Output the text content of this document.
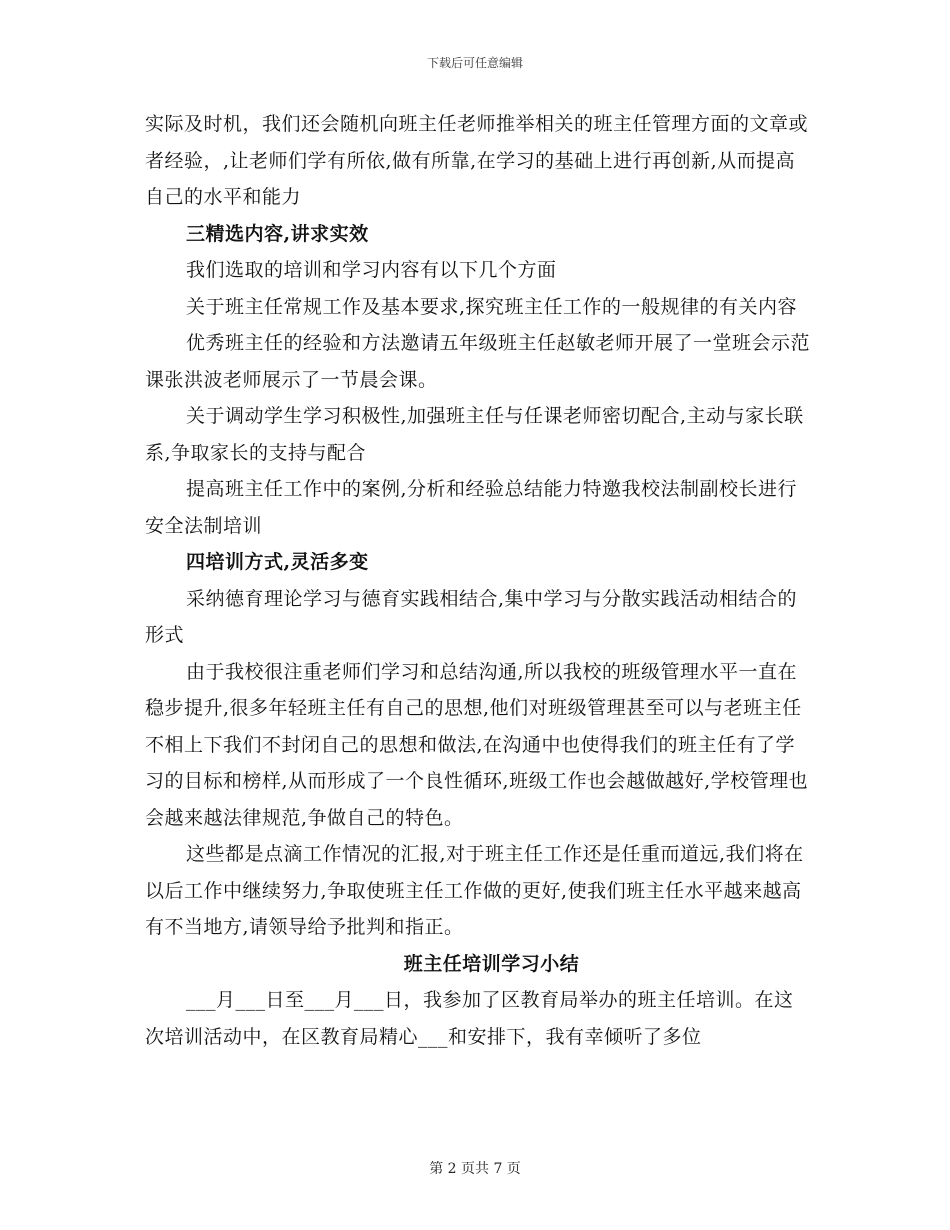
下载后可任意编辑

实际及时机，我们还会随机向班主任老师推举相关的班主任管理方面的文章或者经验，,让老师们学有所依,做有所靠,在学习的基础上进行再创新,从而提高自己的水平和能力

三精选内容,讲求实效

我们选取的培训和学习内容有以下几个方面

关于班主任常规工作及基本要求,探究班主任工作的一般规律的有关内容

优秀班主任的经验和方法邀请五年级班主任赵敏老师开展了一堂班会示范课张洪波老师展示了一节晨会课。

关于调动学生学习积极性,加强班主任与任课老师密切配合,主动与家长联系,争取家长的支持与配合

提高班主任工作中的案例,分析和经验总结能力特邀我校法制副校长进行安全法制培训

四培训方式,灵活多变

采纳德育理论学习与德育实践相结合,集中学习与分散实践活动相结合的形式

由于我校很注重老师们学习和总结沟通,所以我校的班级管理水平一直在稳步提升,很多年轻班主任有自己的思想,他们对班级管理甚至可以与老班主任不相上下我们不封闭自己的思想和做法,在沟通中也使得我们的班主任有了学习的目标和榜样,从而形成了一个良性循环,班级工作也会越做越好,学校管理也会越来越法律规范,争做自己的特色。

这些都是点滴工作情况的汇报,对于班主任工作还是任重而道远,我们将在以后工作中继续努力,争取使班主任工作做的更好,使我们班主任水平越来越高有不当地方,请领导给予批判和指正。

班主任培训学习小结

___月___日至___月___日，我参加了区教育局举办的班主任培训。在这次培训活动中，在区教育局精心___和安排下，我有幸倾听了多位

第 2 页共 7 页
